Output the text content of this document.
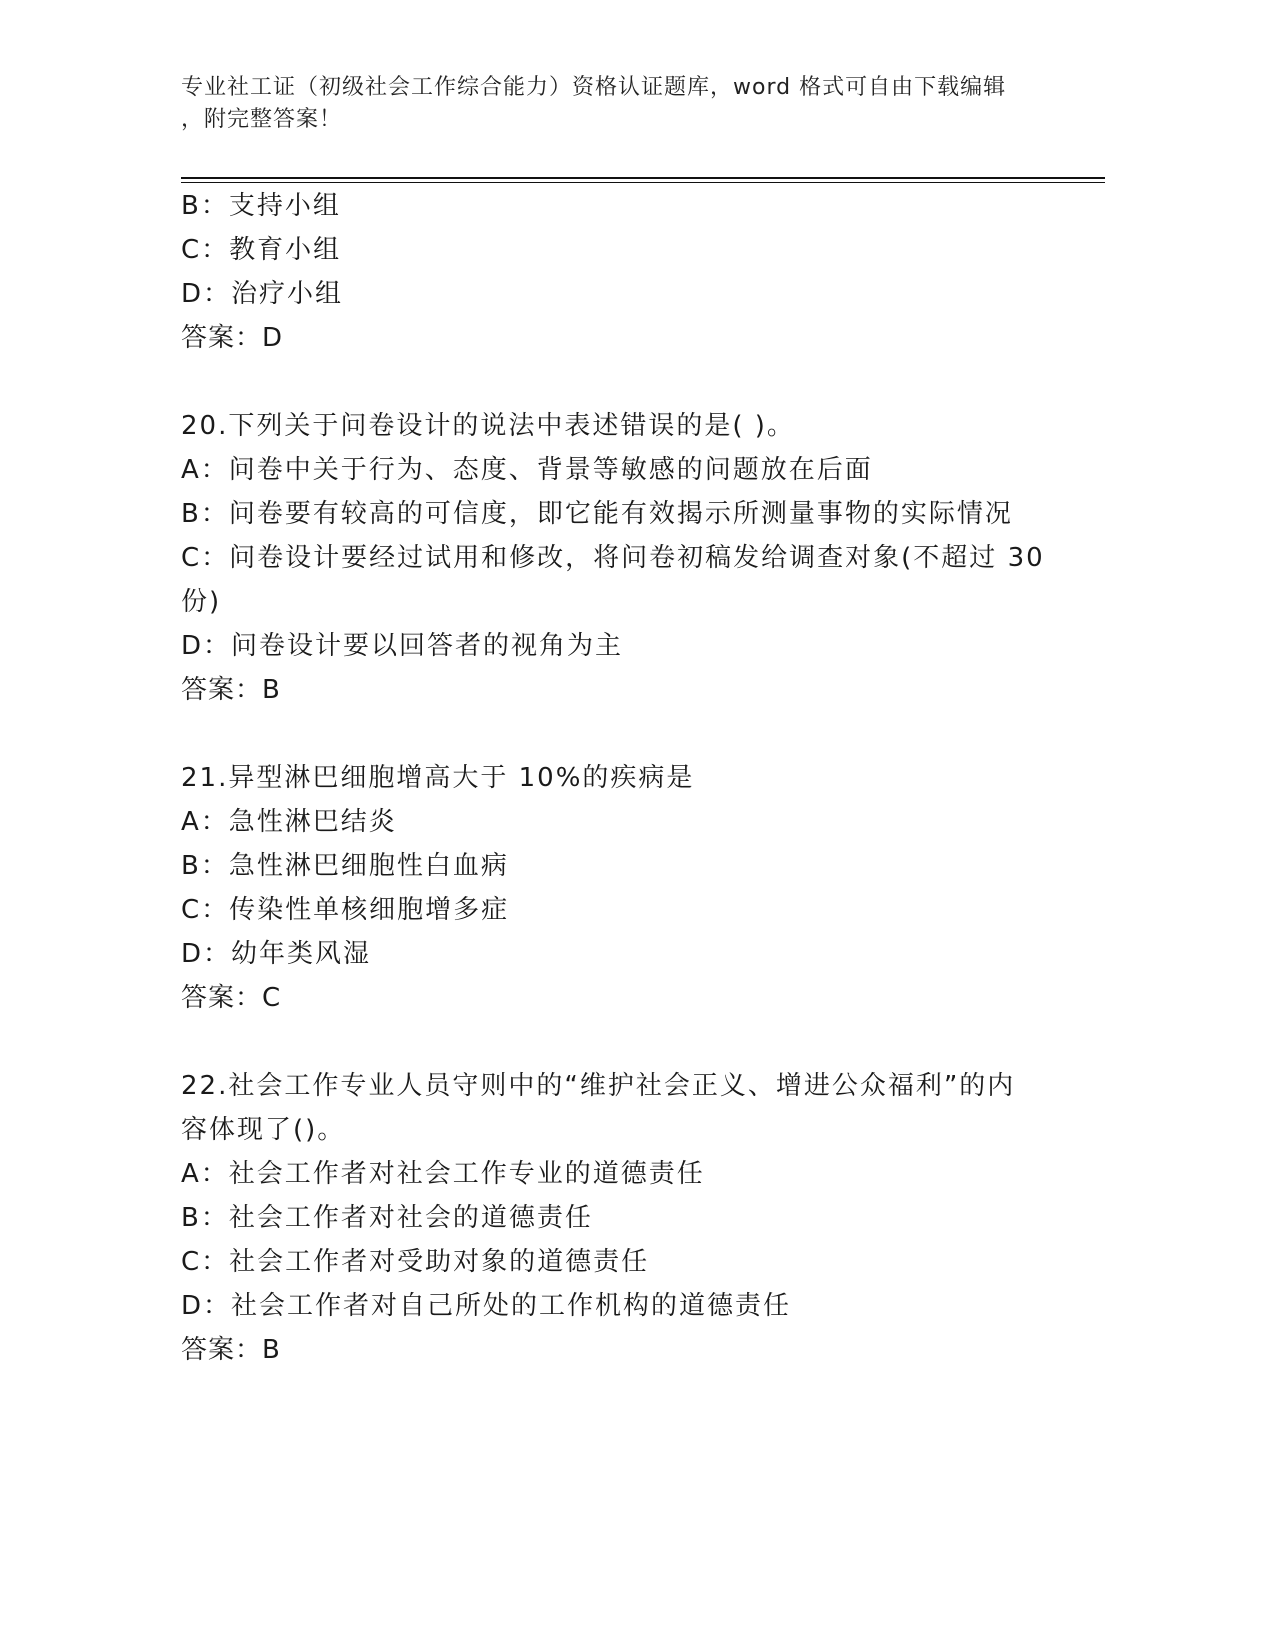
专业社工证（初级社会工作综合能力）资格认证题库，word 格式可自由下载编辑
，附完整答案！
B：支持小组
C：教育小组
D：治疗小组
答案：D
20.下列关于问卷设计的说法中表述错误的是( )。
A：问卷中关于行为、态度、背景等敏感的问题放在后面
B：问卷要有较高的可信度，即它能有效揭示所测量事物的实际情况
C：问卷设计要经过试用和修改，将问卷初稿发给调查对象(不超过 30
份)
D：问卷设计要以回答者的视角为主
答案：B
21.异型淋巴细胞增高大于 10%的疾病是
A：急性淋巴结炎
B：急性淋巴细胞性白血病
C：传染性单核细胞增多症
D：幼年类风湿
答案：C
22.社会工作专业人员守则中的“维护社会正义、增进公众福利”的内
容体现了()。
A：社会工作者对社会工作专业的道德责任
B：社会工作者对社会的道德责任
C：社会工作者对受助对象的道德责任
D：社会工作者对自己所处的工作机构的道德责任
答案：B
